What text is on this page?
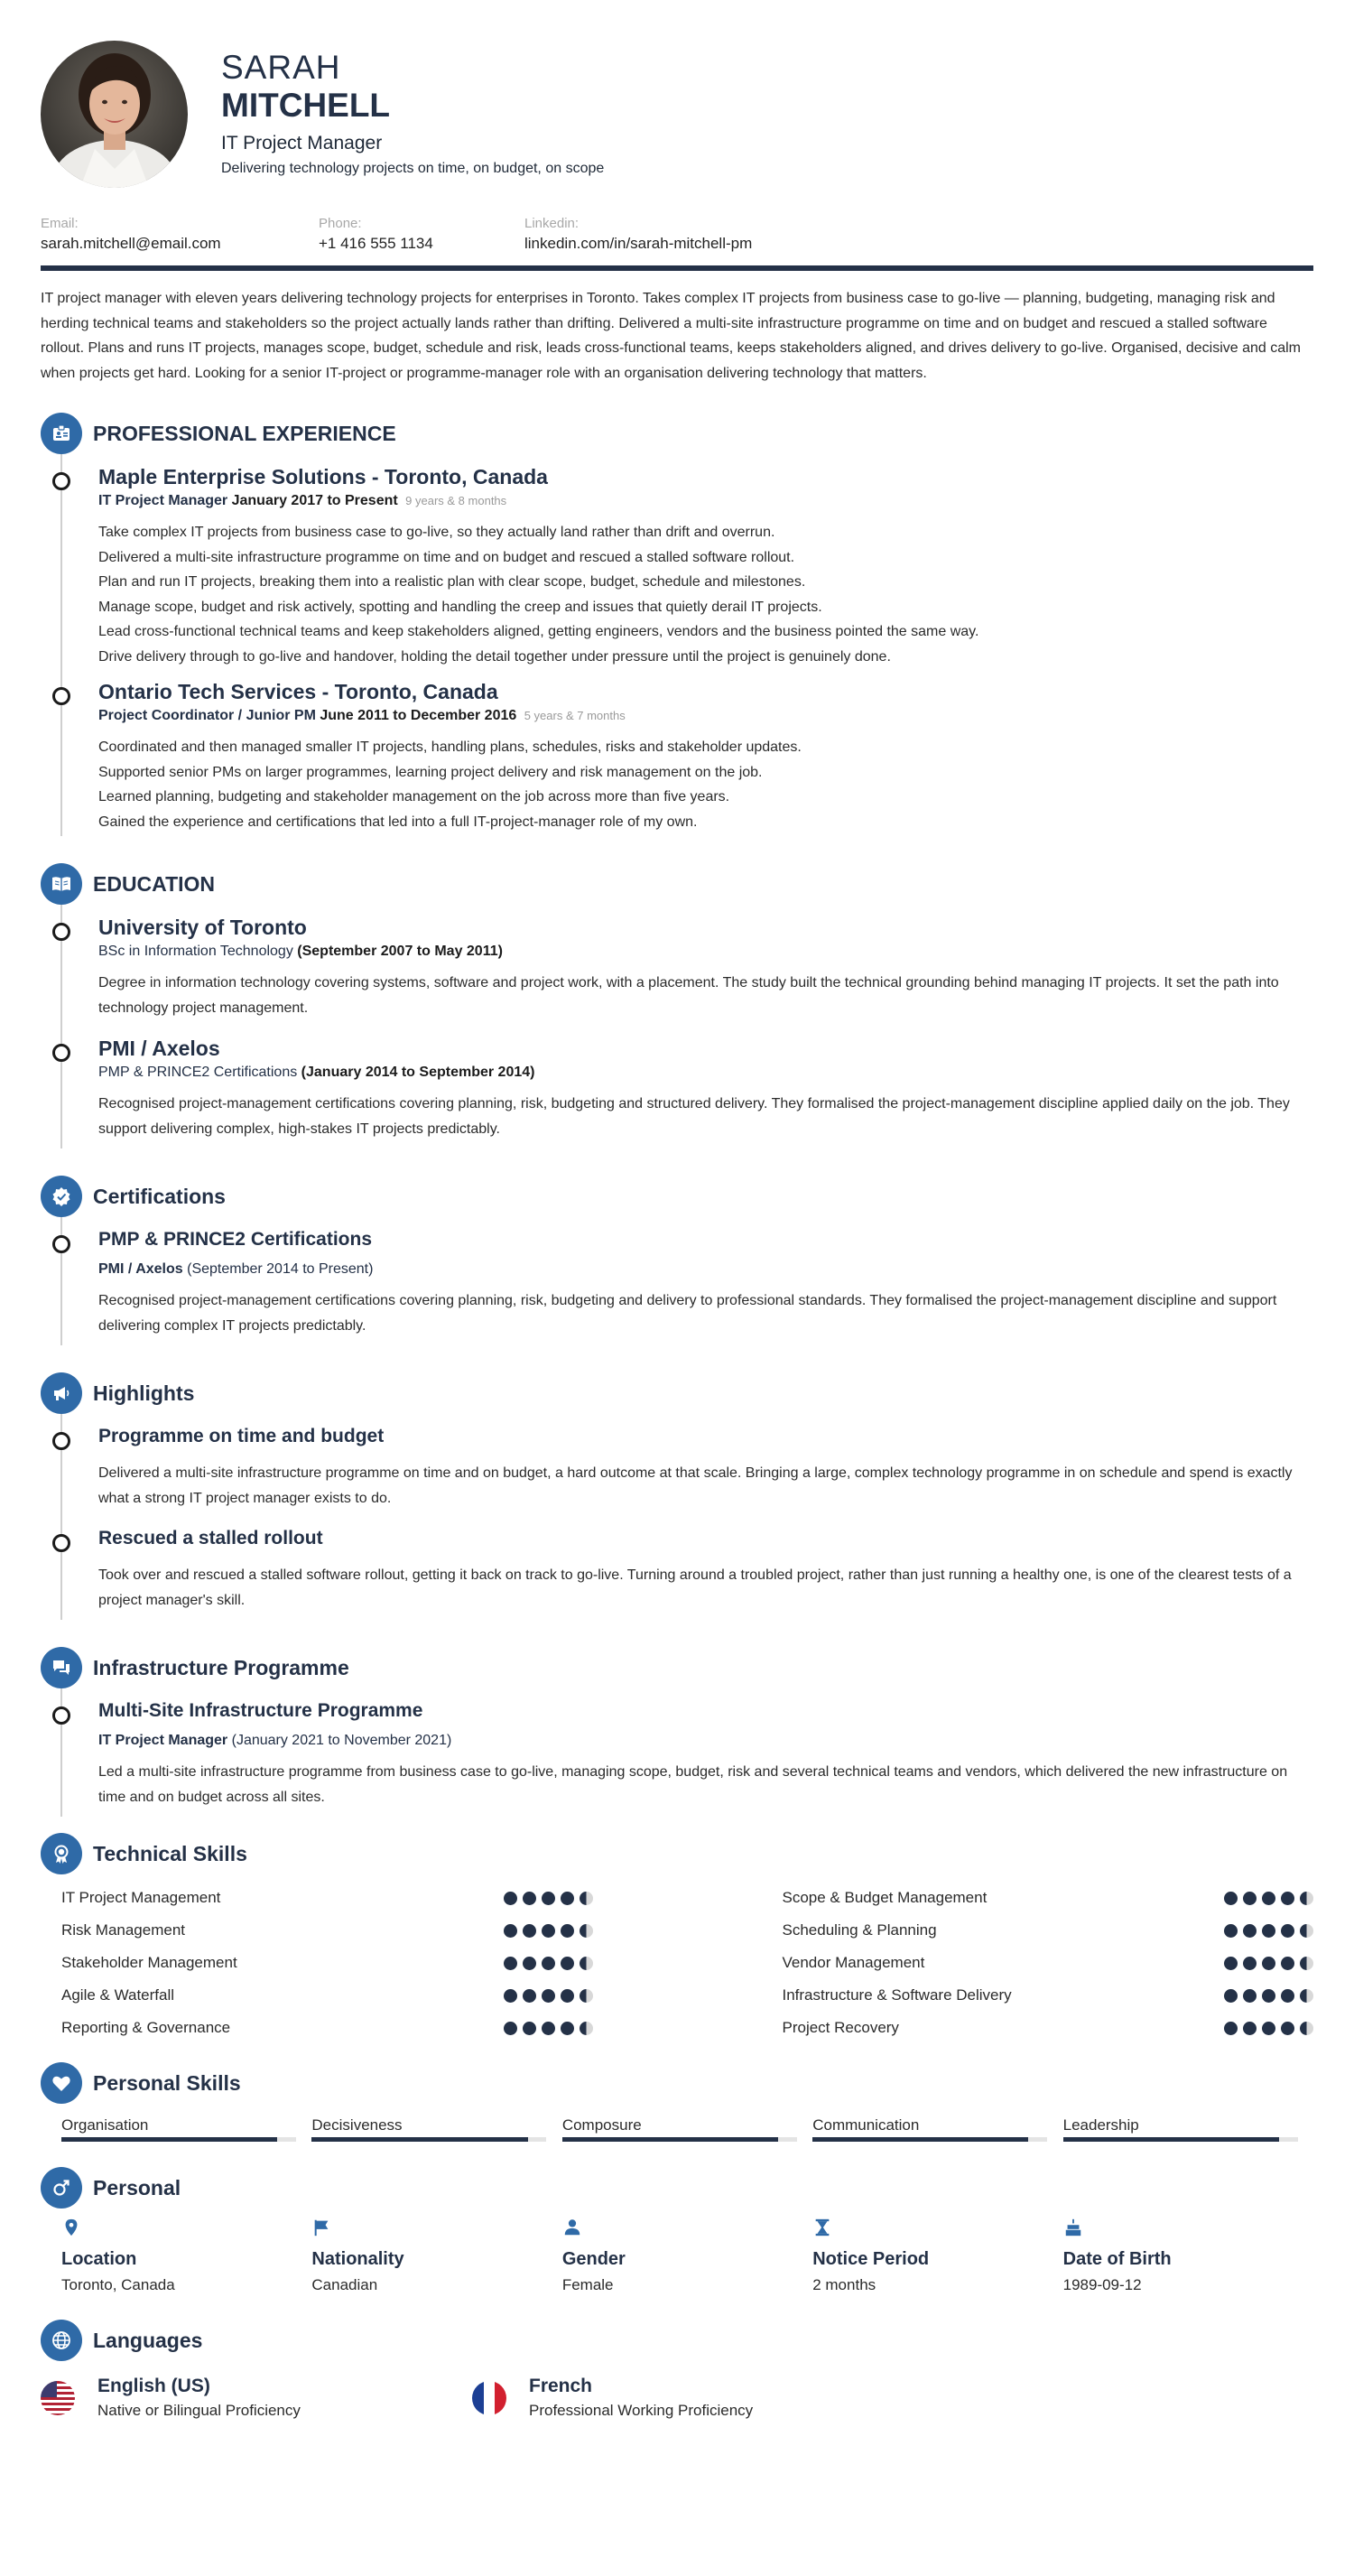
SARAH
MITCHELL
IT Project Manager
Delivering technology projects on time, on budget, on scope
Email:
sarah.mitchell@email.com
Phone:
+1 416 555 1134
Linkedin:
linkedin.com/in/sarah-mitchell-pm

IT project manager with eleven years delivering technology projects for enterprises in Toronto. Takes complex IT projects from business case to go-live — planning, budgeting, managing risk and herding technical teams and stakeholders so the project actually lands rather than drifting. Delivered a multi-site infrastructure programme on time and on budget and rescued a stalled software rollout. Plans and runs IT projects, manages scope, budget, schedule and risk, leads cross-functional teams, keeps stakeholders aligned, and drives delivery to go-live. Organised, decisive and calm when projects get hard. Looking for a senior IT-project or programme-manager role with an organisation delivering technology that matters.

PROFESSIONAL EXPERIENCE
Maple Enterprise Solutions - Toronto, Canada
IT Project Manager January 2017 to Present 9 years & 8 months
Take complex IT projects from business case to go-live, so they actually land rather than drift and overrun.
Delivered a multi-site infrastructure programme on time and on budget and rescued a stalled software rollout.
Plan and run IT projects, breaking them into a realistic plan with clear scope, budget, schedule and milestones.
Manage scope, budget and risk actively, spotting and handling the creep and issues that quietly derail IT projects.
Lead cross-functional technical teams and keep stakeholders aligned, getting engineers, vendors and the business pointed the same way.
Drive delivery through to go-live and handover, holding the detail together under pressure until the project is genuinely done.
Ontario Tech Services - Toronto, Canada
Project Coordinator / Junior PM June 2011 to December 2016 5 years & 7 months
Coordinated and then managed smaller IT projects, handling plans, schedules, risks and stakeholder updates.
Supported senior PMs on larger programmes, learning project delivery and risk management on the job.
Learned planning, budgeting and stakeholder management on the job across more than five years.
Gained the experience and certifications that led into a full IT-project-manager role of my own.
EDUCATION
University of Toronto
BSc in Information Technology (September 2007 to May 2011)
Degree in information technology covering systems, software and project work, with a placement. The study built the technical grounding behind managing IT projects. It set the path into technology project management.
PMI / Axelos
PMP & PRINCE2 Certifications (January 2014 to September 2014)
Recognised project-management certifications covering planning, risk, budgeting and structured delivery. They formalised the project-management discipline applied daily on the job. They support delivering complex, high-stakes IT projects predictably.
Certifications
PMP & PRINCE2 Certifications
PMI / Axelos (September 2014 to Present)
Recognised project-management certifications covering planning, risk, budgeting and delivery to professional standards. They formalised the project-management discipline and support delivering complex IT projects predictably.
Highlights
Programme on time and budget
Delivered a multi-site infrastructure programme on time and on budget, a hard outcome at that scale. Bringing a large, complex technology programme in on schedule and spend is exactly what a strong IT project manager exists to do.
Rescued a stalled rollout
Took over and rescued a stalled software rollout, getting it back on track to go-live. Turning around a troubled project, rather than just running a healthy one, is one of the clearest tests of a project manager's skill.
Infrastructure Programme
Multi-Site Infrastructure Programme
IT Project Manager (January 2021 to November 2021)
Led a multi-site infrastructure programme from business case to go-live, managing scope, budget, risk and several technical teams and vendors, which delivered the new infrastructure on time and on budget across all sites.
Technical Skills
IT Project Management
Risk Management
Stakeholder Management
Agile & Waterfall
Reporting & Governance
Scope & Budget Management
Scheduling & Planning
Vendor Management
Infrastructure & Software Delivery
Project Recovery
Personal Skills
Organisation	Decisiveness	Composure	Communication	Leadership
Personal
Location
Toronto, Canada
Nationality
Canadian
Gender
Female
Notice Period
2 months
Date of Birth
1989-09-12
Languages
English (US)
Native or Bilingual Proficiency
French
Professional Working Proficiency
